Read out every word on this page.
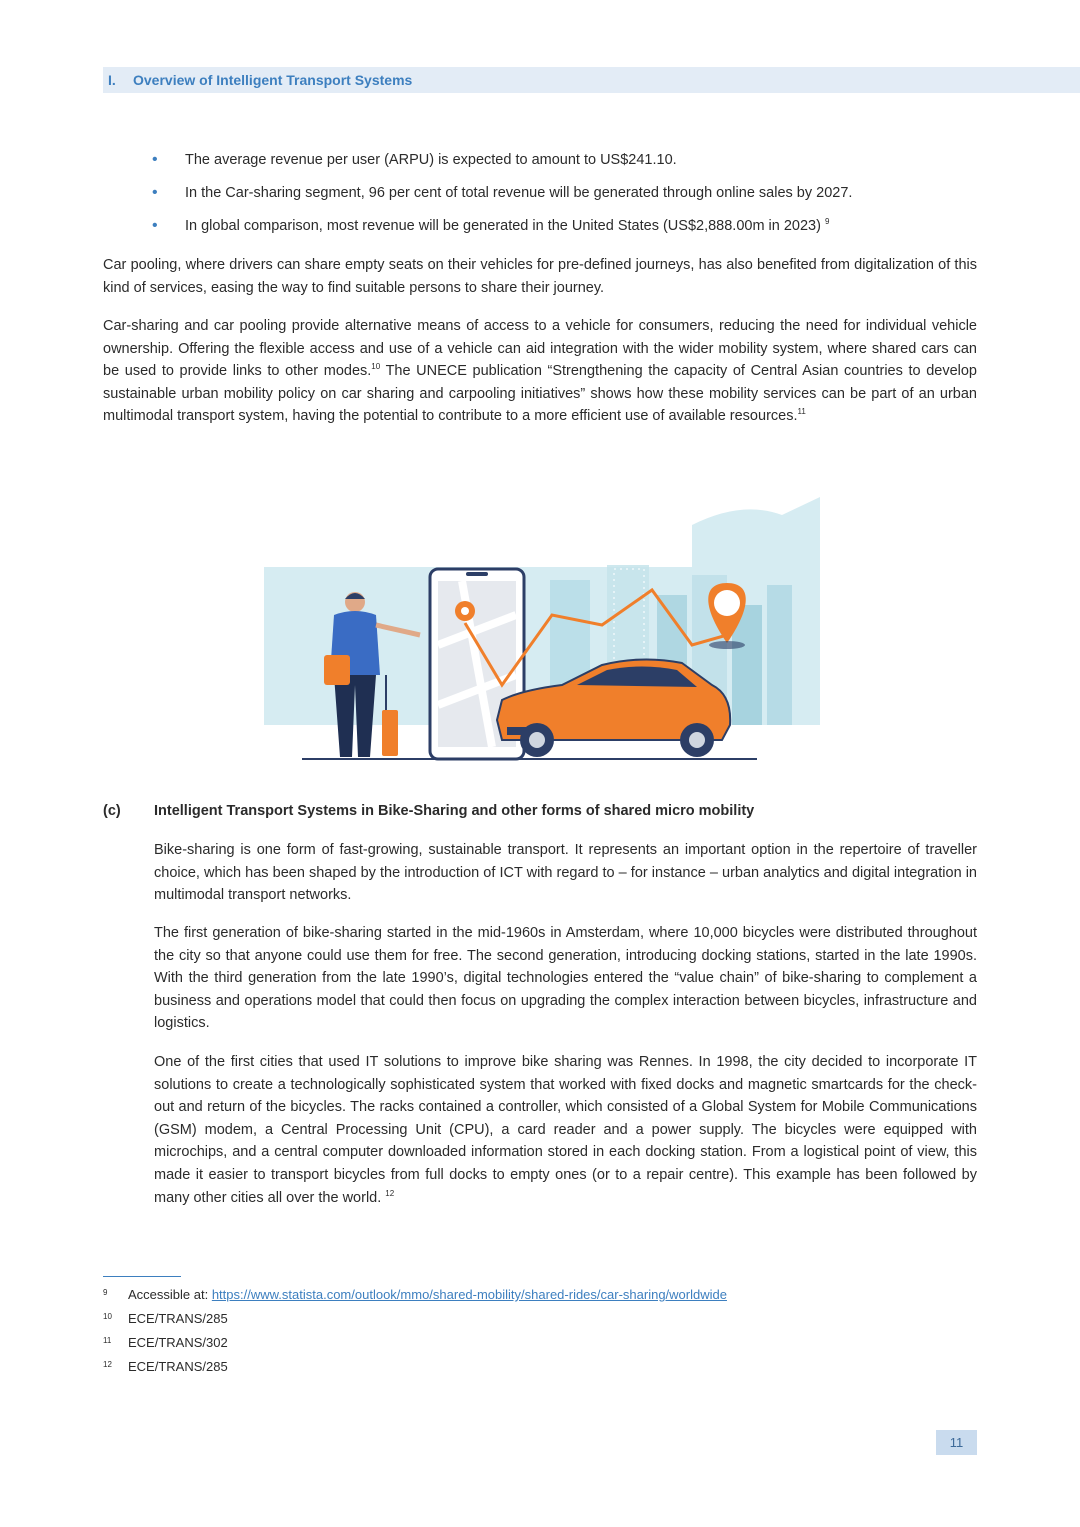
I. Overview of Intelligent Transport Systems
• The average revenue per user (ARPU) is expected to amount to US$241.10.
• In the Car-sharing segment, 96 per cent of total revenue will be generated through online sales by 2027.
• In global comparison, most revenue will be generated in the United States (US$2,888.00m in 2023) $^9$

Car pooling, where drivers can share empty seats on their vehicles for pre-defined journeys, has also benefited from digitalization of this kind of services, easing the way to find suitable persons to share their journey.

Car-sharing and car pooling provide alternative means of access to a vehicle for consumers, reducing the need for individual vehicle ownership. Offering the flexible access and use of a vehicle can aid integration with the wider mobility system, where shared cars can be used to provide links to other modes.$^{10}$ The UNECE publication “Strengthening the capacity of Central Asian countries to develop sustainable urban mobility policy on car sharing and carpooling initiatives” shows how these mobility services can be part of an urban multimodal transport system, having the potential to contribute to a more efficient use of available resources.$^{11}$

(c) Intelligent Transport Systems in Bike-Sharing and other forms of shared micro mobility

Bike-sharing is one form of fast-growing, sustainable transport. It represents an important option in the repertoire of traveller choice, which has been shaped by the introduction of ICT with regard to – for instance – urban analytics and digital integration in multimodal transport networks.

The first generation of bike-sharing started in the mid-1960s in Amsterdam, where 10,000 bicycles were distributed throughout the city so that anyone could use them for free. The second generation, introducing docking stations, started in the late 1990s. With the third generation from the late 1990’s, digital technologies entered the “value chain” of bike-sharing to complement a business and operations model that could then focus on upgrading the complex interaction between bicycles, infrastructure and logistics.

One of the first cities that used IT solutions to improve bike sharing was Rennes. In 1998, the city decided to incorporate IT solutions to create a technologically sophisticated system that worked with fixed docks and magnetic smartcards for the check-out and return of the bicycles. The racks contained a controller, which consisted of a Global System for Mobile Communications (GSM) modem, a Central Processing Unit (CPU), a card reader and a power supply. The bicycles were equipped with microchips, and a central computer downloaded information stored in each docking station. From a logistical point of view, this made it easier to transport bicycles from full docks to empty ones (or to a repair centre). This example has been followed by many other cities all over the world. $^{12}$

9 Accessible at: https://www.statista.com/outlook/mmo/shared-mobility/shared-rides/car-sharing/worldwide
10 ECE/TRANS/285
11 ECE/TRANS/302
12 ECE/TRANS/285
11
